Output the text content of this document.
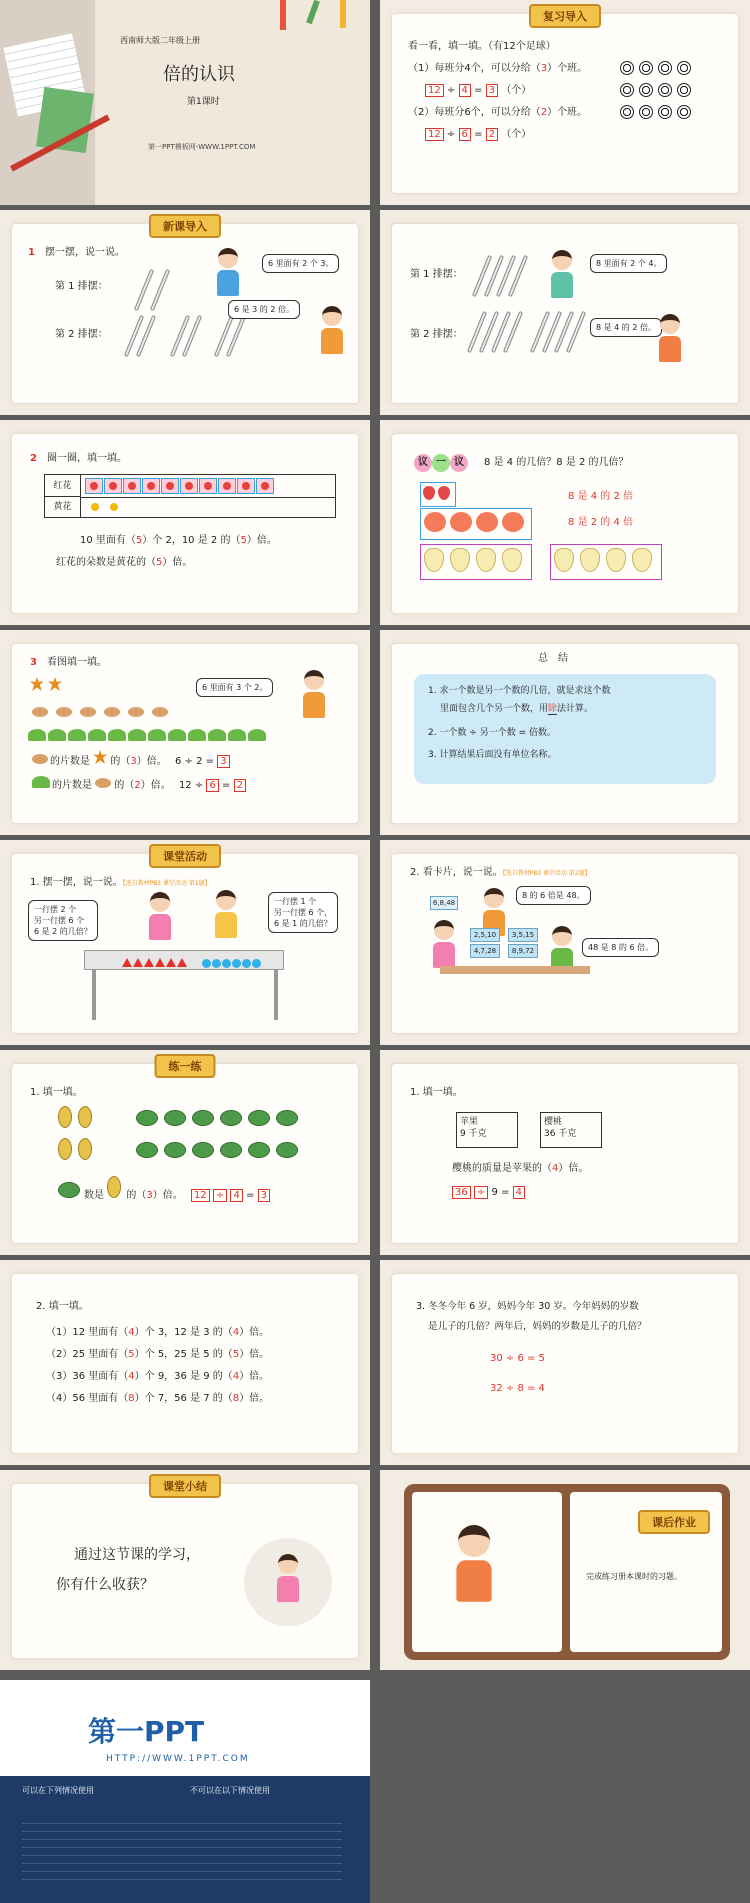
西南师大版二年级上册
倍的认识
第1课时
第一PPT模板网-WWW.1PPT.COM
复习导入
看一看，填一填。（有12个足球）
（1）每班分4个，可以分给（3）个班。
12 ÷ 4 = 3 （个）
（2）每班分6个，可以分给（2）个班。
12 ÷ 6 = 2 （个）
新课导入
1　 摆一摆，说一说。
第 1 排摆：
第 2 排摆：
6 里面有 2 个 3。
6 是 3 的 2 倍。
第 1 排摆：
第 2 排摆：
8 里面有 2 个 4。
8 是 4 的 2 倍。
2　 圈一圈，填一填。
红花
黄花
10 里面有（5）个 2，10 是 2 的（5）倍。
红花的朵数是黄花的（5）倍。
议 一 议	8 是 4 的几倍？8 是 2 的几倍？
8 是 4 的 2 倍
8 是 2 的 4 倍
3　 看图填一填。
6 里面有 3 个 2。
的片数是 的（3）倍。　 6 ÷ 2 = 3
的片数是 的（2）倍。　 12 ÷ 6 = 2
总　结
1. 求一个数是另一个数的几倍，就是求这个数
里面包含几个另一个数，用除法计算。
2. 一个数 ÷ 另一个数 = 倍数。
3. 计算结果后面没有单位名称。
课堂活动
1. 摆一摆，说一说。【选自教材P83 课堂活动 第1题】
一行摆 2 个
另一行摆 6 个
6 是 2 的几倍？
一行摆 1 个
另一行摆 6 个，
6 是 1 的几倍？
2. 看卡片，说一说。【选自教材P83 课堂活动 第2题】
6,8,48
8 的 6 倍是 48。
48 是 8 的 6 倍。
2,5,10	3,5,15
4,7,28	8,9,72
练一练
1. 填一填。
数是 的（3）倍。　 12 ÷ 4 = 3
1. 填一填。
苹果
9 千克
樱桃
36 千克
樱桃的质量是苹果的（4）倍。
36 ÷ 9 = 4
2. 填一填。
（1）12 里面有（4）个 3，12 是 3 的（4）倍。
（2）25 里面有（5）个 5，25 是 5 的（5）倍。
（3）36 里面有（4）个 9，36 是 9 的（4）倍。
（4）56 里面有（8）个 7，56 是 7 的（8）倍。
3. 冬冬今年 6 岁，妈妈今年 30 岁。今年妈妈的岁数
是儿子的几倍？两年后，妈妈的岁数是儿子的几倍？
30 ÷ 6 = 5
32 ÷ 8 = 4
课堂小结
通过这节课的学习，
你有什么收获？
课后作业
完成练习册本课时的习题。
第一PPT
HTTP://WWW.1PPT.COM
可以在下列情况使用	不可以在以下情况使用
